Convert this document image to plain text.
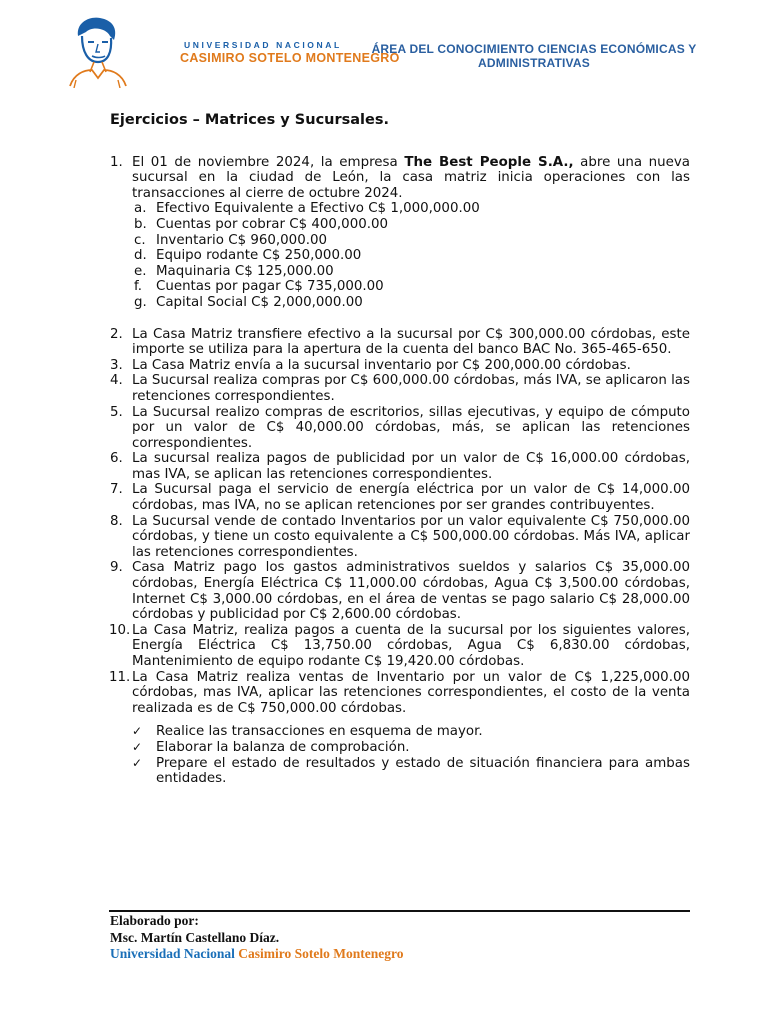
UNIVERSIDAD NACIONAL
CASIMIRO SOTELO MONTENEGRO
ÁREA DEL CONOCIMIENTO CIENCIAS ECONÓMICAS Y
ADMINISTRATIVAS
Ejercicios – Matrices y Sucursales.
1. El 01 de noviembre 2024, la empresa The Best People S.A., abre una nueva sucursal en la ciudad de León, la casa matriz inicia operaciones con las transacciones al cierre de octubre 2024.
a. Efectivo Equivalente a Efectivo C$ 1,000,000.00
b. Cuentas por cobrar C$ 400,000.00
c. Inventario C$ 960,000.00
d. Equipo rodante C$ 250,000.00
e. Maquinaria C$ 125,000.00
f. Cuentas por pagar C$ 735,000.00
g. Capital Social C$ 2,000,000.00
2. La Casa Matriz transfiere efectivo a la sucursal por C$ 300,000.00 córdobas, este importe se utiliza para la apertura de la cuenta del banco BAC No. 365-465-650.
3. La Casa Matriz envía a la sucursal inventario por C$ 200,000.00 córdobas.
4. La Sucursal realiza compras por C$ 600,000.00 córdobas, más IVA, se aplicaron las retenciones correspondientes.
5. La Sucursal realizo compras de escritorios, sillas ejecutivas, y equipo de cómputo por un valor de C$ 40,000.00 córdobas, más, se aplican las retenciones correspondientes.
6. La sucursal realiza pagos de publicidad por un valor de C$ 16,000.00 córdobas, mas IVA, se aplican las retenciones correspondientes.
7. La Sucursal paga el servicio de energía eléctrica por un valor de C$ 14,000.00 córdobas, mas IVA, no se aplican retenciones por ser grandes contribuyentes.
8. La Sucursal vende de contado Inventarios por un valor equivalente C$ 750,000.00 córdobas, y tiene un costo equivalente a C$ 500,000.00 córdobas. Más IVA, aplicar las retenciones correspondientes.
9. Casa Matriz pago los gastos administrativos sueldos y salarios C$ 35,000.00 córdobas, Energía Eléctrica C$ 11,000.00 córdobas, Agua C$ 3,500.00 córdobas, Internet C$ 3,000.00 córdobas, en el área de ventas se pago salario C$ 28,000.00 córdobas y publicidad por C$ 2,600.00 córdobas.
10. La Casa Matriz, realiza pagos a cuenta de la sucursal por los siguientes valores, Energía Eléctrica C$ 13,750.00 córdobas, Agua C$ 6,830.00 córdobas, Mantenimiento de equipo rodante C$ 19,420.00 córdobas.
11. La Casa Matriz realiza ventas de Inventario por un valor de C$ 1,225,000.00 córdobas, mas IVA, aplicar las retenciones correspondientes, el costo de la venta realizada es de C$ 750,000.00 córdobas.
✓ Realice las transacciones en esquema de mayor.
✓ Elaborar la balanza de comprobación.
✓ Prepare el estado de resultados y estado de situación financiera para ambas entidades.
Elaborado por:
Msc. Martín Castellano Díaz.
Universidad Nacional Casimiro Sotelo Montenegro
